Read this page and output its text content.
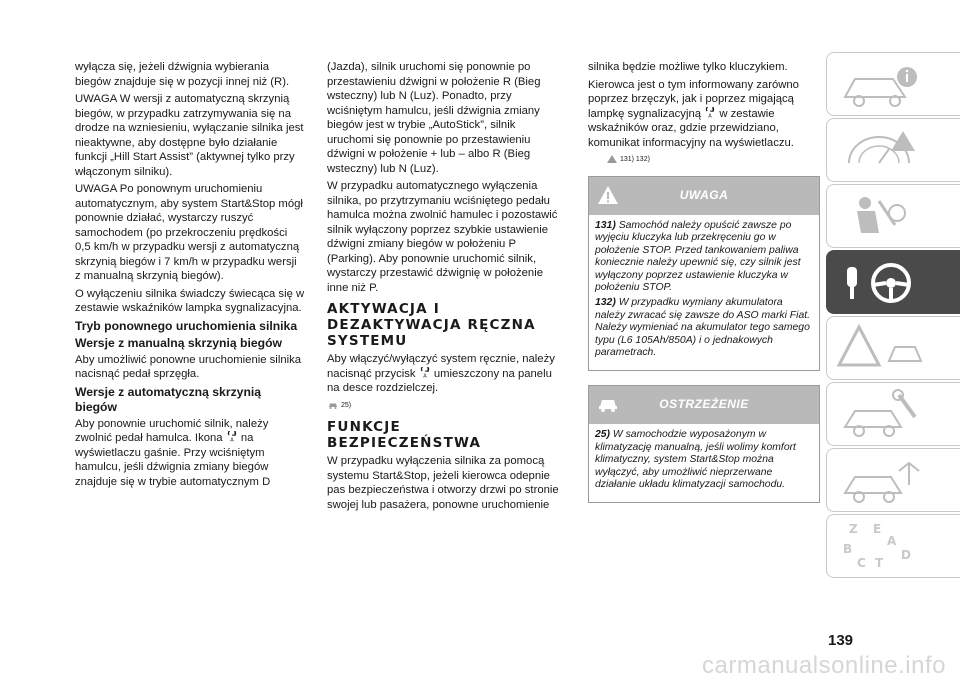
wyłącza się, jeżeli dźwignia wybierania biegów znajduje się w pozycji innej niż (R).

UWAGA W wersji z automatyczną skrzynią biegów, w przypadku zatrzymywania się na drodze na wzniesieniu, wyłączanie silnika jest nieaktywne, aby dostępne było działanie funkcji „Hill Start Assist” (aktywnej tylko przy włączonym silniku).

UWAGA Po ponownym uruchomieniu automatycznym, aby system Start&Stop mógł ponownie działać, wystarczy ruszyć samochodem (po przekroczeniu prędkości 0,5 km/h w przypadku wersji z automatyczną skrzynią biegów i 7 km/h w przypadku wersji z manualną skrzynią biegów).

O wyłączeniu silnika świadczy świecąca się w zestawie wskaźników lampka sygnalizacyjna.

Tryb ponownego uruchomienia silnika
Wersje z manualną skrzynią biegów

Aby umożliwić ponowne uruchomienie silnika nacisnąć pedał sprzęgła.

Wersje z automatyczną skrzynią biegów

Aby ponownie uruchomić silnik, należy zwolnić pedał hamulca. Ikona A na wyświetlaczu gaśnie. Przy wciśniętym hamulcu, jeśli dźwignia zmiany biegów znajduje się w trybie automatycznym D

(Jazda), silnik uruchomi się ponownie po przestawieniu dźwigni w położenie R (Bieg wsteczny) lub N (Luz). Ponadto, przy wciśniętym hamulcu, jeśli dźwignia zmiany biegów jest w trybie „AutoStick”, silnik uruchomi się ponownie po przestawieniu dźwigni w położenie + lub – albo R (Bieg wsteczny) lub N (Luz).

W przypadku automatycznego wyłączenia silnika, po przytrzymaniu wciśniętego pedału hamulca można zwolnić hamulec i pozostawić silnik wyłączony poprzez szybkie ustawienie dźwigni zmiany biegów w położeniu P (Parking). Aby ponownie uruchomić silnik, wystarczy przestawić dźwignię w położenie inne niż P.

AKTYWACJA I DEZAKTYWACJA RĘCZNA SYSTEMU

Aby włączyć/wyłączyć system ręcznie, należy nacisnąć przycisk A umieszczony na panelu na desce rozdzielczej.

25)
FUNKCJE BEZPIECZEŃSTWA

W przypadku wyłączenia silnika za pomocą systemu Start&Stop, jeżeli kierowca odepnie pas bezpieczeństwa i otworzy drzwi po stronie swojej lub pasażera, ponowne uruchomienie

silnika będzie możliwe tylko kluczykiem.

Kierowca jest o tym informowany zarówno poprzez brzęczyk, jak i poprzez migającą lampkę sygnalizacyjną A w zestawie wskaźników oraz, gdzie przewidziano, komunikat informacyjny na wyświetlaczu.

131) 132)
UWAGA

131) Samochód należy opuścić zawsze po wyjęciu kluczyka lub przekręceniu go w położenie STOP. Przed tankowaniem paliwa koniecznie należy upewnić się, czy silnik jest wyłączony poprzez ustawienie kluczyka w położeniu STOP.

132) W przypadku wymiany akumulatora należy zwracać się zawsze do ASO marki Fiat. Należy wymieniać na akumulator tego samego typu (L6 105Ah/850A) i o jednakowych parametrach.

OSTRZEŻENIE

25) W samochodzie wyposażonym w klimatyzację manualną, jeśli wolimy komfort klimatyczny, system Start&Stop można wyłączyć, aby umożliwić nieprzerwane działanie układu klimatyzacji samochodu.

Z E
A
B
C T
D
139
carmanualsonline.info
